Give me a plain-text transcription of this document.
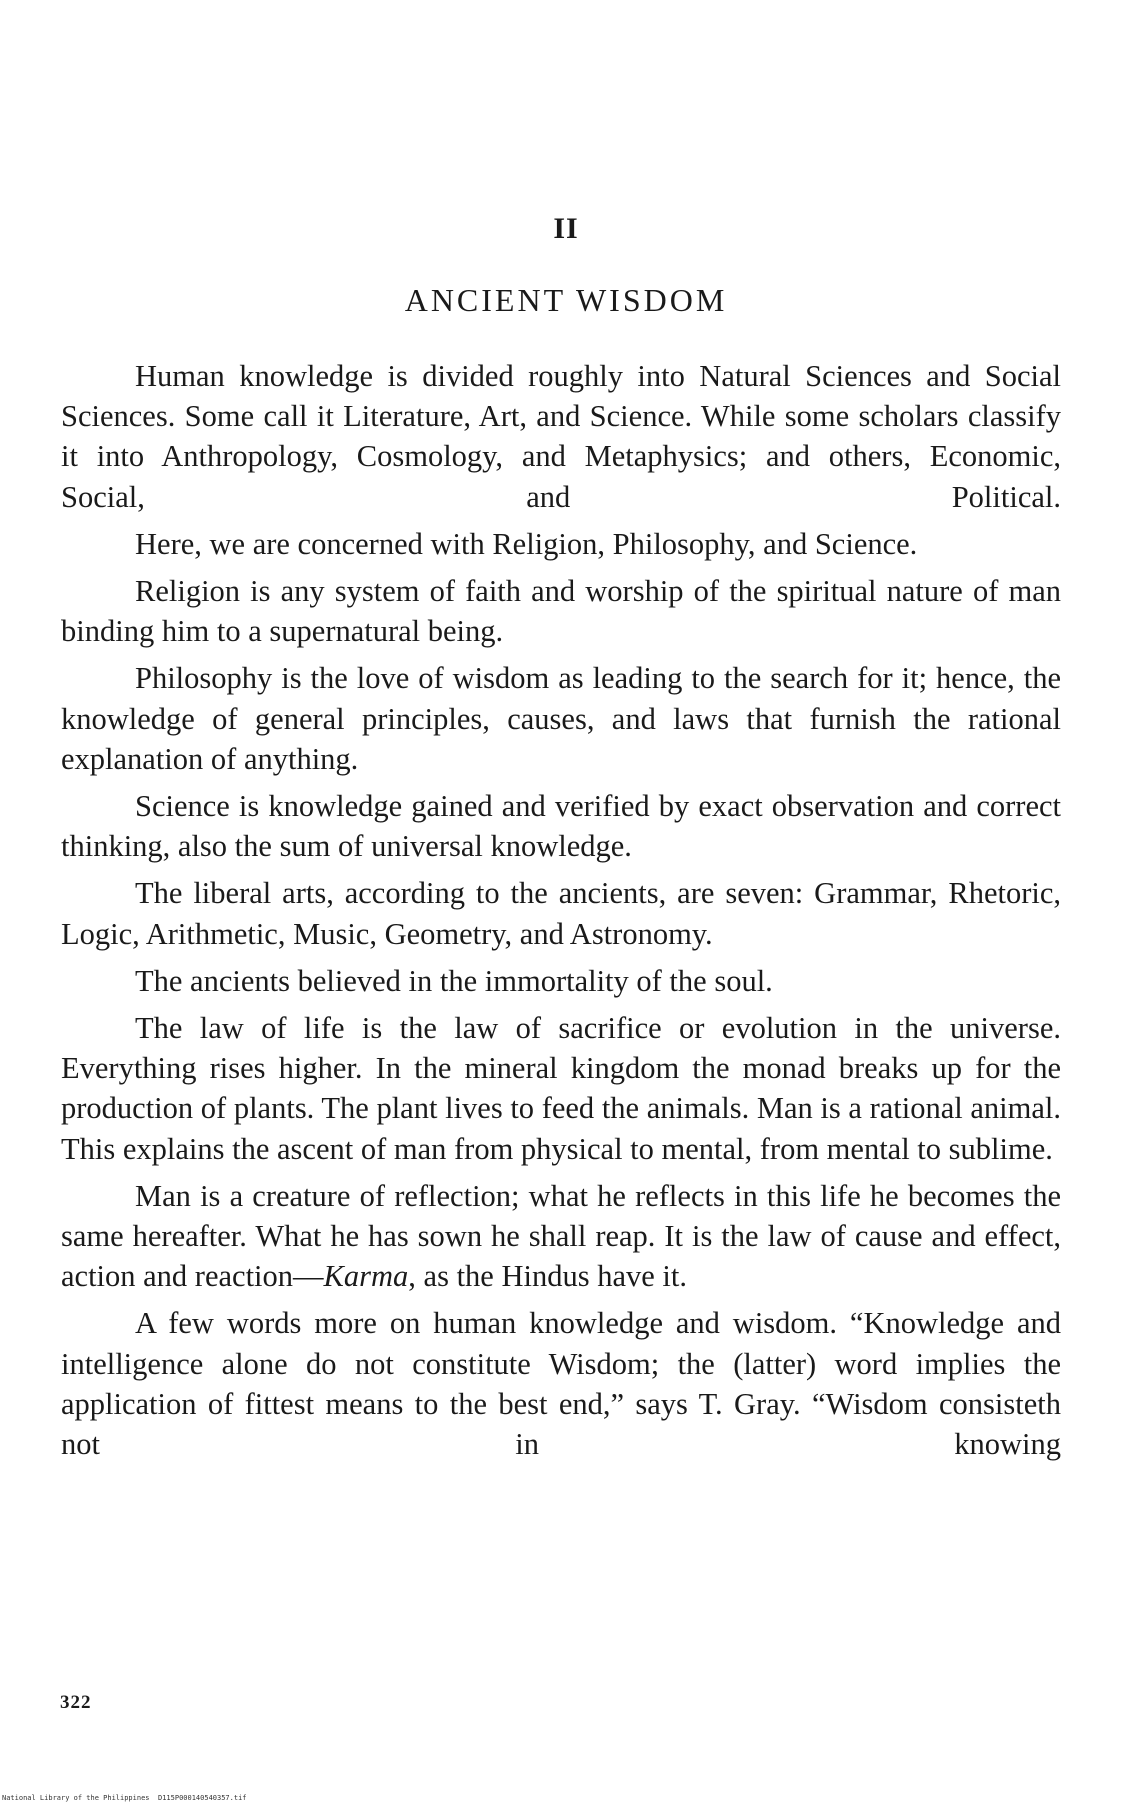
II
ANCIENT WISDOM

Human knowledge is divided roughly into Natural Sciences and Social Sciences. Some call it Literature, Art, and Science. While some scholars classify it into Anthropology, Cosmology, and Metaphysics; and others, Economic, Social, and Political.

Here, we are concerned with Religion, Philosophy, and Science.

Religion is any system of faith and worship of the spiritual nature of man binding him to a supernatural being.

Philosophy is the love of wisdom as leading to the search for it; hence, the knowledge of general principles, causes, and laws that furnish the rational explanation of anything.

Science is knowledge gained and verified by exact observation and correct thinking, also the sum of universal knowledge.

The liberal arts, according to the ancients, are seven: Grammar, Rhetoric, Logic, Arithmetic, Music, Geometry, and Astronomy.

The ancients believed in the immortality of the soul.

The law of life is the law of sacrifice or evolution in the universe. Everything rises higher. In the mineral kingdom the monad breaks up for the production of plants. The plant lives to feed the animals. Man is a rational animal. This explains the ascent of man from physical to mental, from mental to sublime.

Man is a creature of reflection; what he reflects in this life he becomes the same hereafter. What he has sown he shall reap. It is the law of cause and effect, action and reaction—Karma, as the Hindus have it.

A few words more on human knowledge and wisdom. “Knowledge and intelligence alone do not constitute Wisdom; the (latter) word implies the application of fittest means to the best end,” says T. Gray. “Wisdom consisteth not in knowing

322
National Library of the Philippines D115P000140540357.tif
